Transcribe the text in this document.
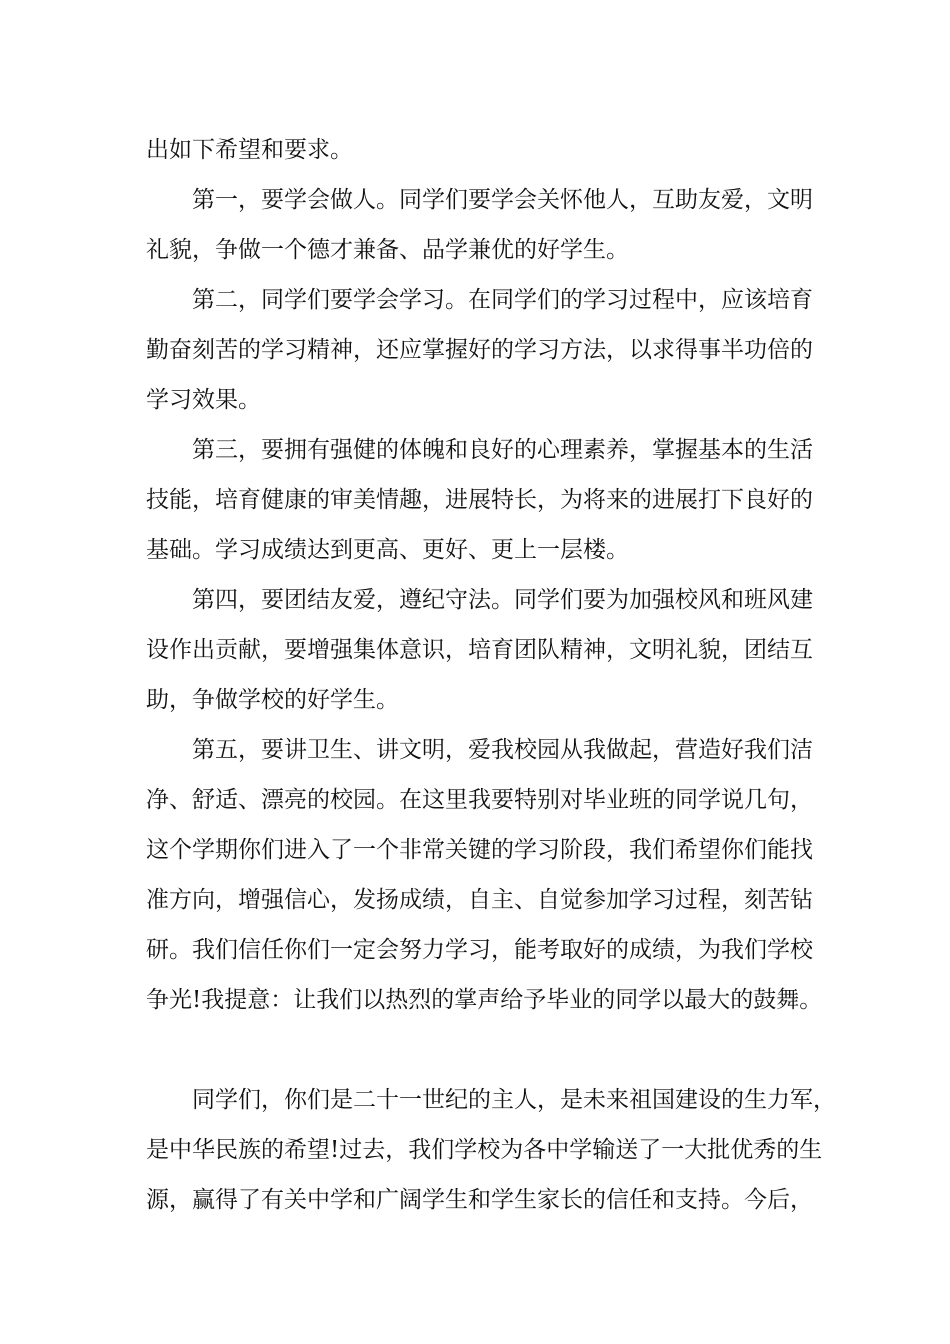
出如下希望和要求。
第一，要学会做人。同学们要学会关怀他人，互助友爱，文明
礼貌，争做一个德才兼备、品学兼优的好学生。
第二，同学们要学会学习。在同学们的学习过程中，应该培育
勤奋刻苦的学习精神，还应掌握好的学习方法，以求得事半功倍的
学习效果。
第三，要拥有强健的体魄和良好的心理素养，掌握基本的生活
技能，培育健康的审美情趣，进展特长，为将来的进展打下良好的
基础。学习成绩达到更高、更好、更上一层楼。
第四，要团结友爱，遵纪守法。同学们要为加强校风和班风建
设作出贡献，要增强集体意识，培育团队精神，文明礼貌，团结互
助，争做学校的好学生。
第五，要讲卫生、讲文明，爱我校园从我做起，营造好我们洁
净、舒适、漂亮的校园。在这里我要特别对毕业班的同学说几句，
这个学期你们进入了一个非常关键的学习阶段，我们希望你们能找
准方向，增强信心，发扬成绩，自主、自觉参加学习过程，刻苦钻
研。我们信任你们一定会努力学习，能考取好的成绩，为我们学校
争光!我提意：让我们以热烈的掌声给予毕业的同学以最大的鼓舞。
同学们，你们是二十一世纪的主人，是未来祖国建设的生力军，
是中华民族的希望!过去，我们学校为各中学输送了一大批优秀的生
源，赢得了有关中学和广阔学生和学生家长的信任和支持。今后，
